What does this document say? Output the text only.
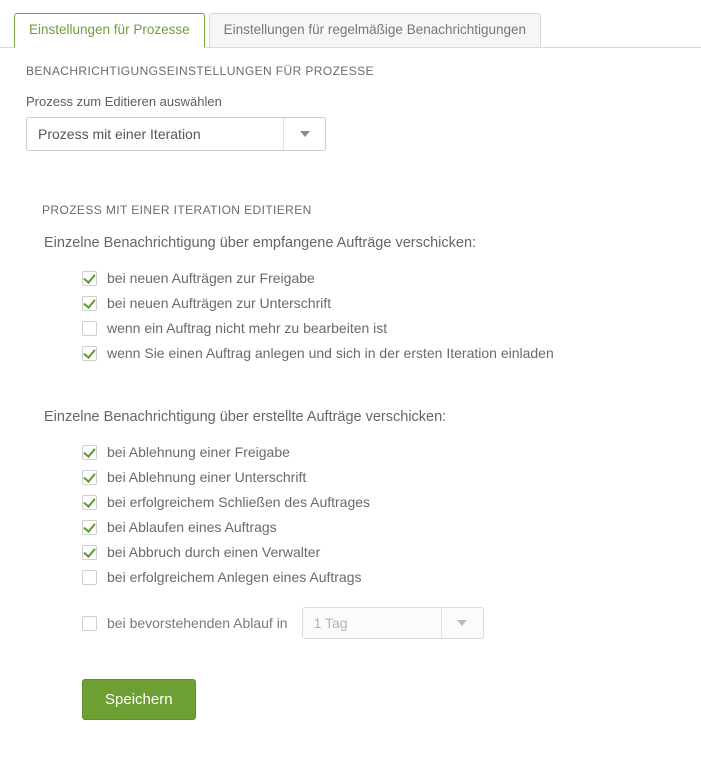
Einstellungen für Prozesse	Einstellungen für regelmäßige Benachrichtigungen
BENACHRICHTIGUNGSEINSTELLUNGEN FÜR PROZESSE
Prozess zum Editieren auswählen
Prozess mit einer Iteration
PROZESS MIT EINER ITERATION EDITIEREN
Einzelne Benachrichtigung über empfangene Aufträge verschicken:
bei neuen Aufträgen zur Freigabe
bei neuen Aufträgen zur Unterschrift
wenn ein Auftrag nicht mehr zu bearbeiten ist
wenn Sie einen Auftrag anlegen und sich in der ersten Iteration einladen
Einzelne Benachrichtigung über erstellte Aufträge verschicken:
bei Ablehnung einer Freigabe
bei Ablehnung einer Unterschrift
bei erfolgreichem Schließen des Auftrages
bei Ablaufen eines Auftrags
bei Abbruch durch einen Verwalter
bei erfolgreichem Anlegen eines Auftrags
bei bevorstehenden Ablauf in	1 Tag
Speichern
